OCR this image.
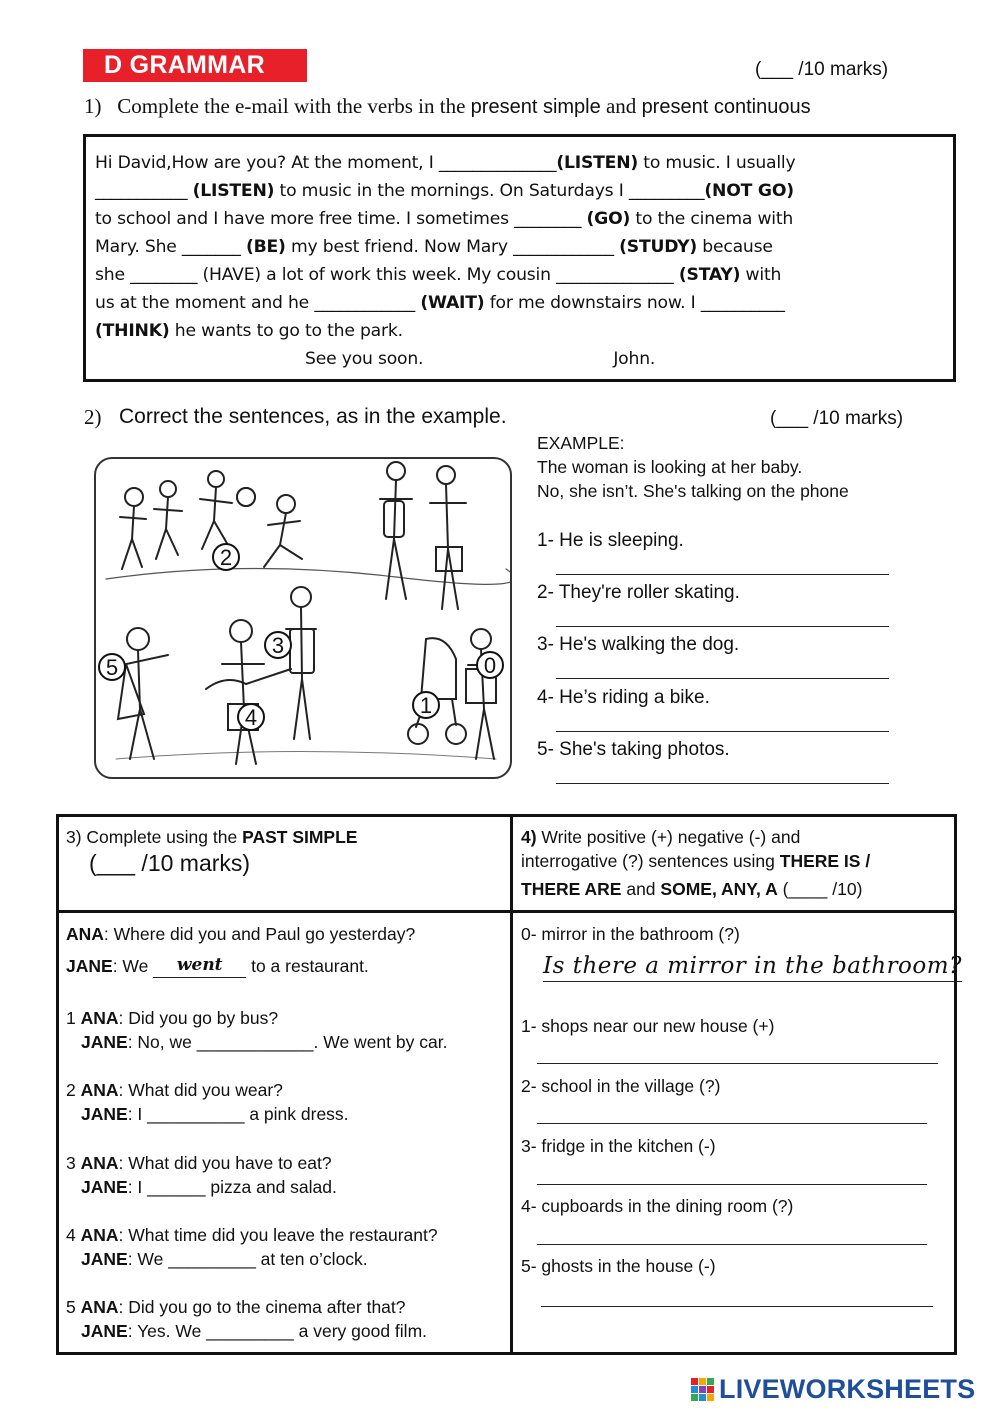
D GRAMMAR	(___ /10 marks)
1) Complete the e-mail with the verbs in the present simple and present continuous
Hi David,How are you? At the moment, I ______________(LISTEN) to music. I usually
___________ (LISTEN) to music in the mornings. On Saturdays I _________(NOT GO)
to school and I have more free time. I sometimes ________ (GO) to the cinema with
Mary. She _______ (BE) my best friend. Now Mary ____________ (STUDY) because
she ________ (HAVE) a lot of work this week. My cousin ______________ (STAY) with
us at the moment and he ____________ (WAIT) for me downstairs now. I __________
(THINK) he wants to go to the park.
See you soon.	John.
2) Correct the sentences, as in the example.	(___ /10 marks)
EXAMPLE:
The woman is looking at her baby.
No, she isn’t. She's talking on the phone
1- He is sleeping.
2- They're roller skating.
3- He's walking the dog.
4- He’s riding a bike.
5- She's taking photos.
2
3
5
4
0
1
3) Complete using the PAST SIMPLE
(___ /10 marks)
4) Write positive (+) negative (-) and
interrogative (?) sentences using THERE IS /
THERE ARE and SOME, ANY, A (____ /10)
ANA: Where did you and Paul go yesterday?
JANE: We went to a restaurant.
1 ANA: Did you go by bus?
JANE: No, we ____________. We went by car.
2 ANA: What did you wear?
JANE: I __________ a pink dress.
3 ANA: What did you have to eat?
JANE: I ______ pizza and salad.
4 ANA: What time did you leave the restaurant?
JANE: We _________ at ten o’clock.
5 ANA: Did you go to the cinema after that?
JANE: Yes. We _________ a very good film.
0- mirror in the bathroom (?)
Is there a mirror in the bathroom?
1- shops near our new house (+)
2- school in the village (?)
3- fridge in the kitchen (-)
4- cupboards in the dining room (?)
5- ghosts in the house (-)
LIVEWORKSHEETS
